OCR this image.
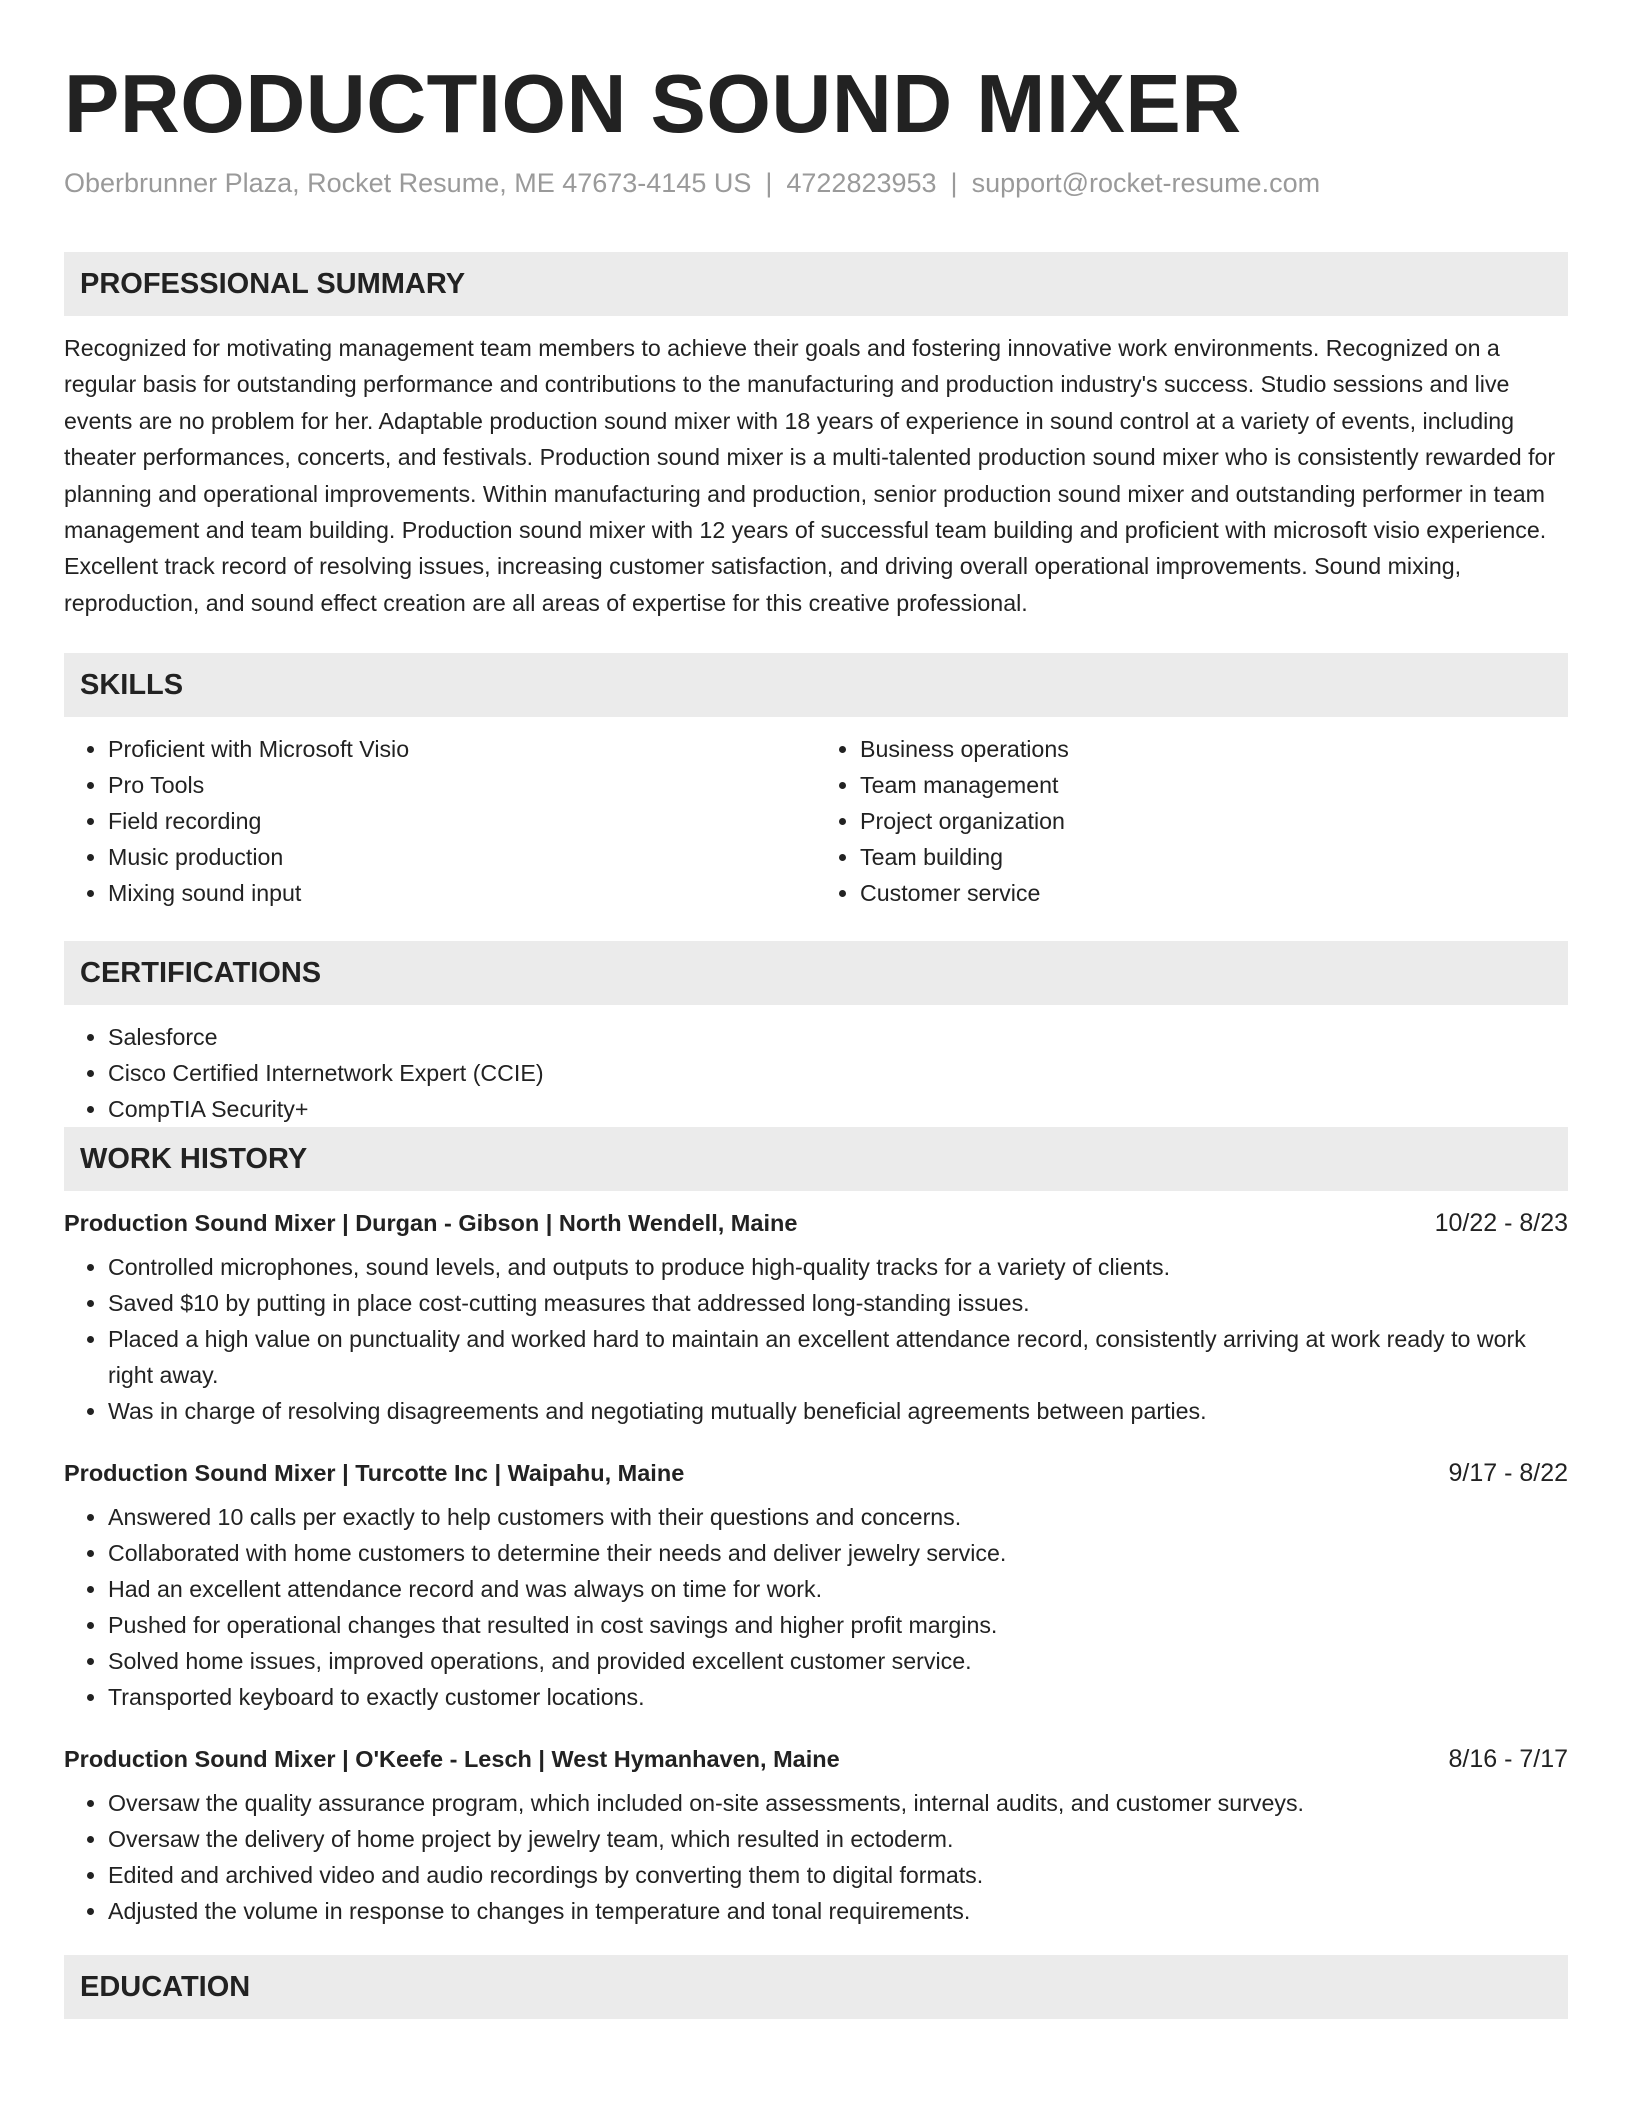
PRODUCTION SOUND MIXER
Oberbrunner Plaza, Rocket Resume, ME 47673-4145 US | 4722823953 | support@rocket-resume.com
PROFESSIONAL SUMMARY

Recognized for motivating management team members to achieve their goals and fostering innovative work environments. Recognized on a regular basis for outstanding performance and contributions to the manufacturing and production industry's success. Studio sessions and live events are no problem for her. Adaptable production sound mixer with 18 years of experience in sound control at a variety of events, including theater performances, concerts, and festivals. Production sound mixer is a multi-talented production sound mixer who is consistently rewarded for planning and operational improvements. Within manufacturing and production, senior production sound mixer and outstanding performer in team management and team building. Production sound mixer with 12 years of successful team building and proficient with microsoft visio experience. Excellent track record of resolving issues, increasing customer satisfaction, and driving overall operational improvements. Sound mixing, reproduction, and sound effect creation are all areas of expertise for this creative professional.

SKILLS
• Proficient with Microsoft Visio
• Pro Tools
• Field recording
• Music production
• Mixing sound input
• Business operations
• Team management
• Project organization
• Team building
• Customer service
CERTIFICATIONS
• Salesforce
• Cisco Certified Internetwork Expert (CCIE)
• CompTIA Security+
WORK HISTORY
Production Sound Mixer | Durgan - Gibson | North Wendell, Maine	10/22 - 8/23
• Controlled microphones, sound levels, and outputs to produce high-quality tracks for a variety of clients.
• Saved $10 by putting in place cost-cutting measures that addressed long-standing issues.
• Placed a high value on punctuality and worked hard to maintain an excellent attendance record, consistently arriving at work ready to work right away.
• Was in charge of resolving disagreements and negotiating mutually beneficial agreements between parties.
Production Sound Mixer | Turcotte Inc | Waipahu, Maine	9/17 - 8/22
• Answered 10 calls per exactly to help customers with their questions and concerns.
• Collaborated with home customers to determine their needs and deliver jewelry service.
• Had an excellent attendance record and was always on time for work.
• Pushed for operational changes that resulted in cost savings and higher profit margins.
• Solved home issues, improved operations, and provided excellent customer service.
• Transported keyboard to exactly customer locations.
Production Sound Mixer | O'Keefe - Lesch | West Hymanhaven, Maine	8/16 - 7/17
• Oversaw the quality assurance program, which included on-site assessments, internal audits, and customer surveys.
• Oversaw the delivery of home project by jewelry team, which resulted in ectoderm.
• Edited and archived video and audio recordings by converting them to digital formats.
• Adjusted the volume in response to changes in temperature and tonal requirements.
EDUCATION
